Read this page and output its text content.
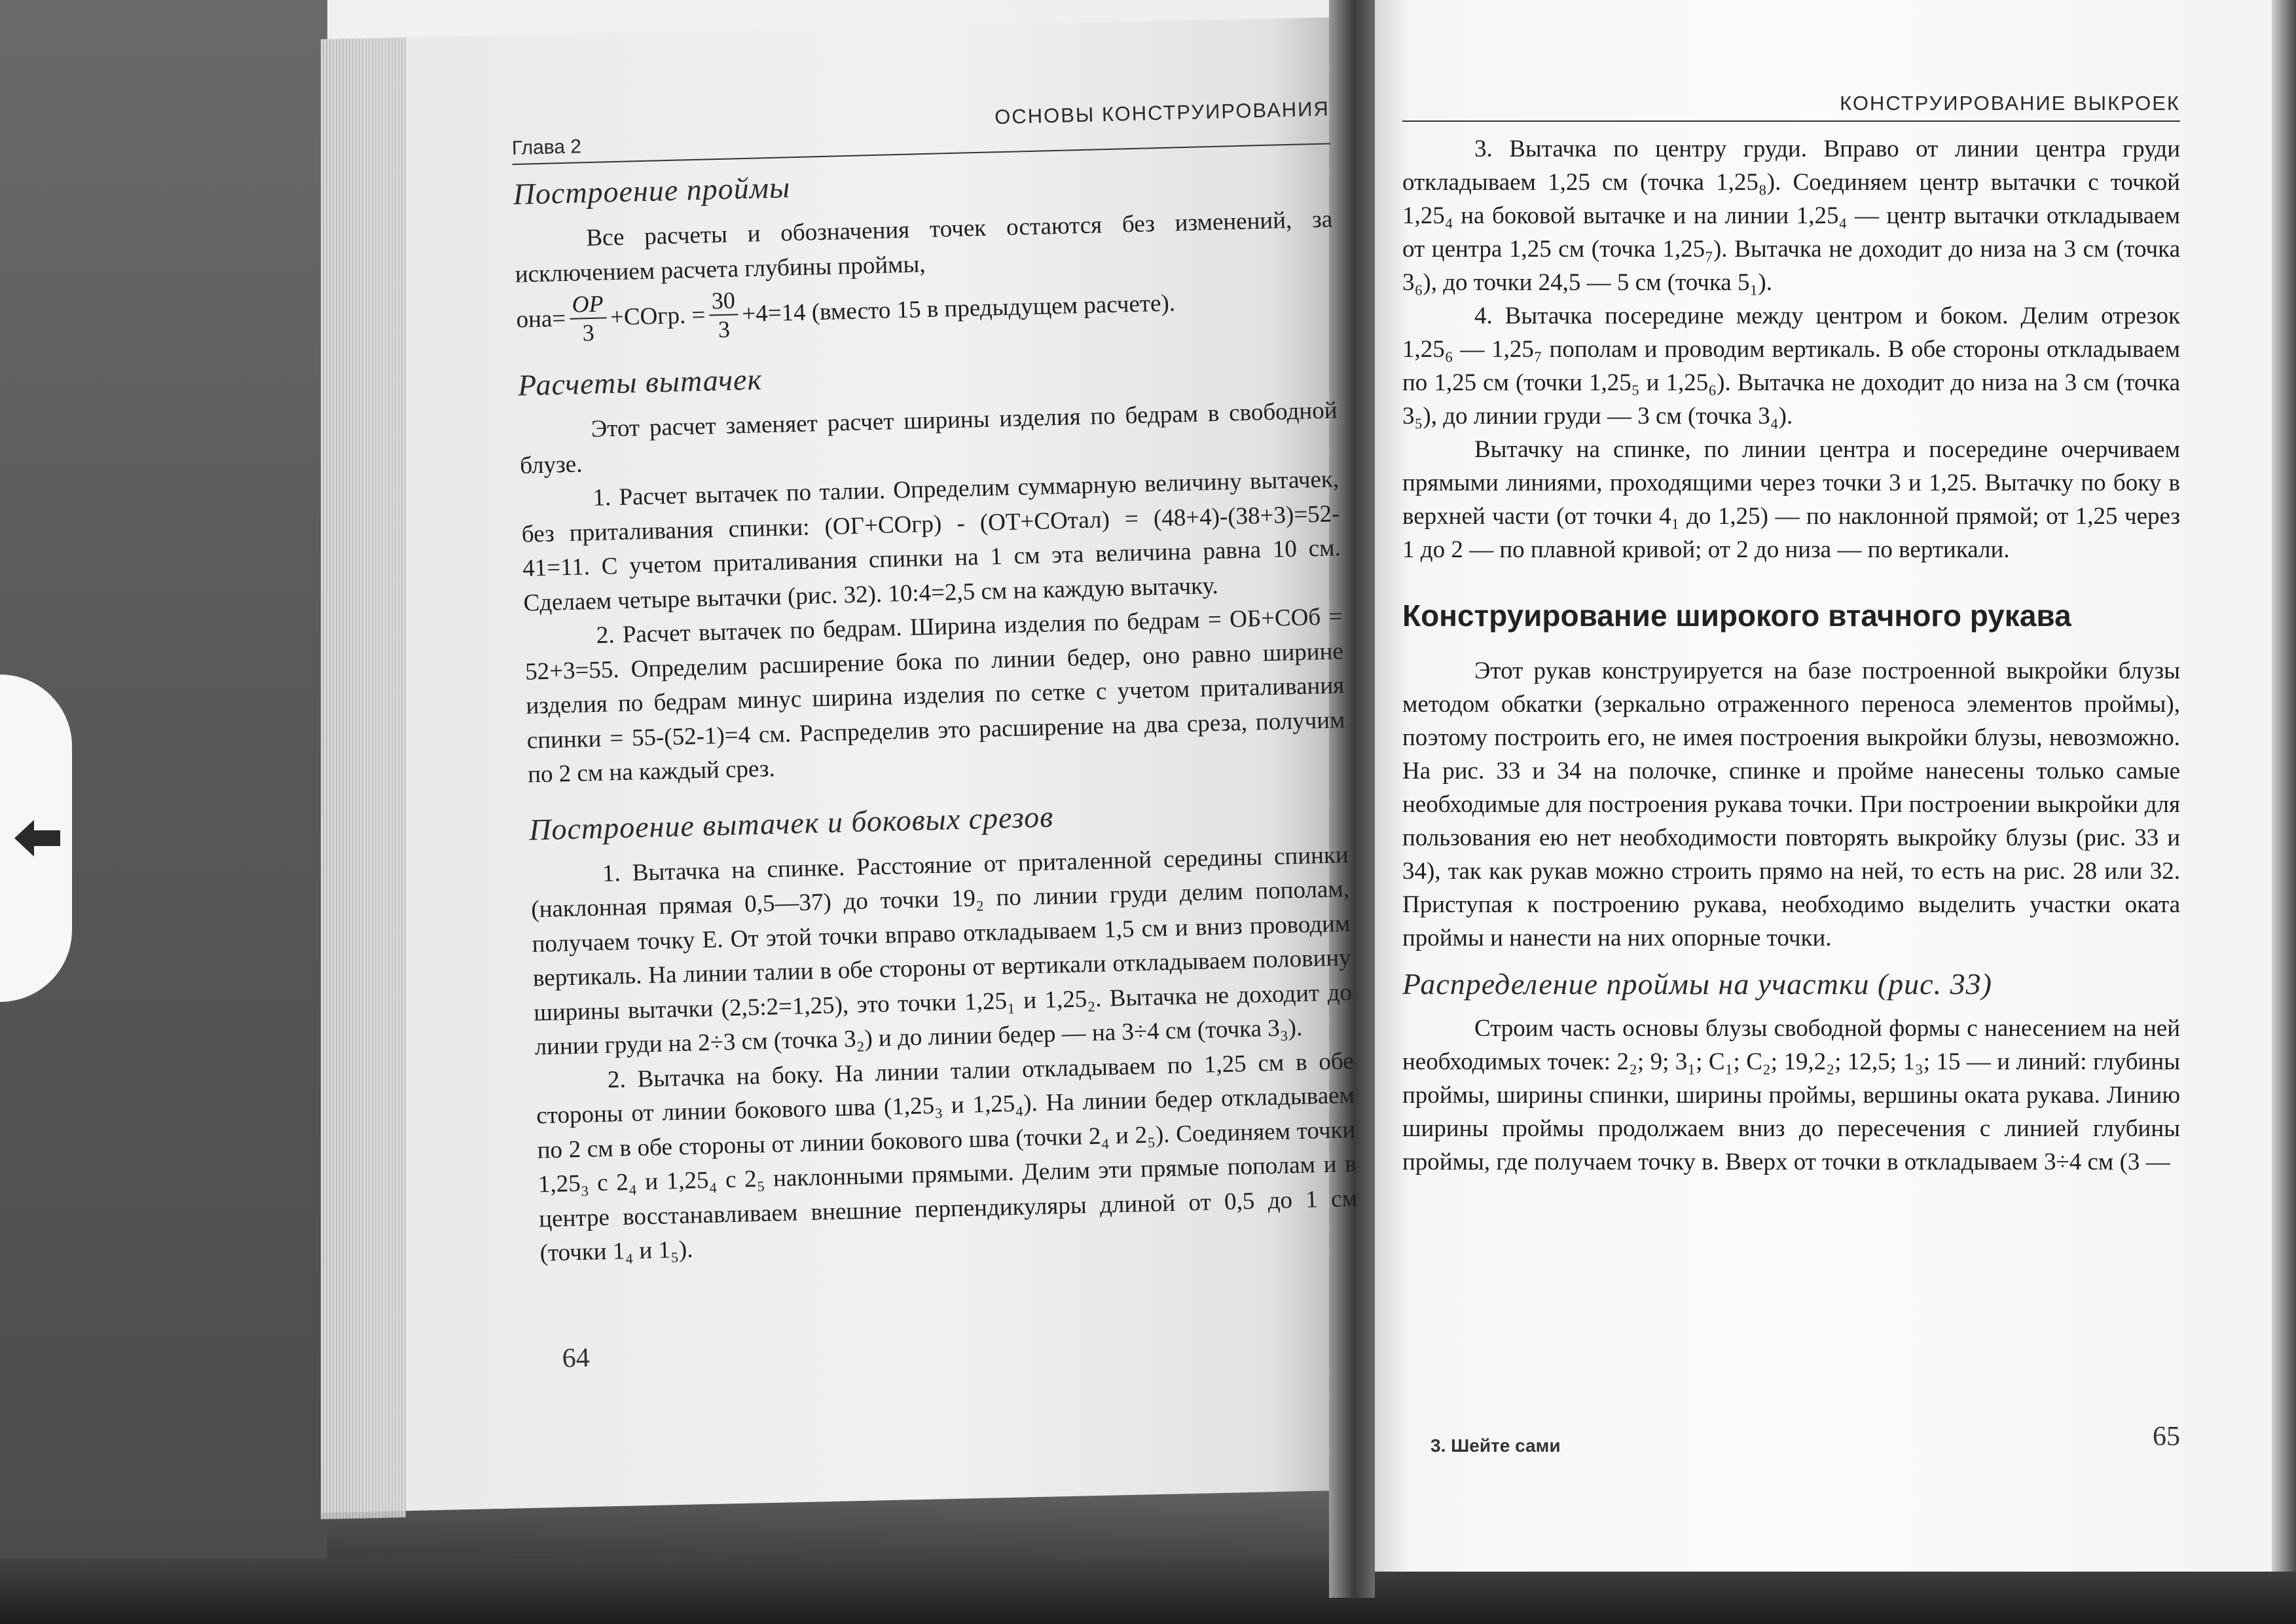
Глава 2
ОСНОВЫ КОНСТРУИРОВАНИЯ
Построение проймы

Все расчеты и обозначения точек остаются без изменений, за исключением расчета глубины проймы,

$она= \frac{OP}{3}$ +СОгр. = $\frac{30}{3} +4=14$ (вместо 15 в предыдущем расчете).
Расчеты вытачек

Этот расчет заменяет расчет ширины изделия по бедрам в свободной блузе.

1. Расчет вытачек по талии. Определим суммарную величину вытачек, без приталивания спинки: (ОГ+СОгр) - (ОТ+СОтал) = (48+4)-(38+3)=52-41=11. С учетом приталивания спинки на 1 см эта величина равна 10 см. Сделаем четыре вытачки (рис. 32). 10:4=2,5 см на каждую вытачку.

2. Расчет вытачек по бедрам. Ширина изделия по бедрам = ОБ+СОб = 52+3=55. Определим расширение бока по линии бедер, оно равно ширине изделия по бедрам минус ширина изделия по сетке с учетом приталивания спинки = 55-(52-1)=4 см. Распределив это расширение на два среза, получим по 2 см на каждый срез.

Построение вытачек и боковых срезов

1. Вытачка на спинке. Расстояние от приталенной середины спинки (наклонная прямая 0,5—37) до точки 19₂ по линии груди делим пополам, получаем точку Е. От этой точки вправо откладываем 1,5 см и вниз проводим вертикаль. На линии талии в обе стороны от вертикали откладываем половину ширины вытачки (2,5:2=1,25), это точки 1,25₁ и 1,25₂. Вытачка не доходит до линии груди на 2÷3 см (точка 3₂) и до линии бедер — на 3÷4 см (точка 3₃).

2. Вытачка на боку. На линии талии откладываем по 1,25 см в обе стороны от линии бокового шва (1,25₃ и 1,25₄). На линии бедер откладываем по 2 см в обе стороны от линии бокового шва (точки 2₄ и 2₅). Соединяем точки 1,25₃ с 2₄ и 1,25₄ с 2₅ наклонными прямыми. Делим эти прямые пополам и в центре восстанавливаем внешние перпендикуляры длиной от 0,5 до 1 см (точки 1₄ и 1₅).

64
КОНСТРУИРОВАНИЕ ВЫКРОЕК

3. Вытачка по центру груди. Вправо от линии центра груди откладываем 1,25 см (точка 1,25₈). Соединяем центр вытачки с точкой 1,25₄ на боковой вытачке и на линии 1,25₄ — центр вытачки откладываем от центра 1,25 см (точка 1,25₇). Вытачка не доходит до низа на 3 см (точка 3₆), до точки 24,5 — 5 см (точка 5₁).

4. Вытачка посередине между центром и боком. Делим отрезок 1,25₆ — 1,25₇ пополам и проводим вертикаль. В обе стороны откладываем по 1,25 см (точки 1,25₅ и 1,25₆). Вытачка не доходит до низа на 3 см (точка 3₅), до линии груди — 3 см (точка 3₄).

Вытачку на спинке, по линии центра и посередине очерчиваем прямыми линиями, проходящими через точки 3 и 1,25. Вытачку по боку в верхней части (от точки 4₁ до 1,25) — по наклонной прямой; от 1,25 через 1 до 2 — по плавной кривой; от 2 до низа — по вертикали.

Конструирование широкого втачного рукава

Этот рукав конструируется на базе построенной выкройки блузы методом обкатки (зеркально отраженного переноса элементов проймы), поэтому построить его, не имея построения выкройки блузы, невозможно. На рис. 33 и 34 на полочке, спинке и пройме нанесены только самые необходимые для построения рукава точки. При построении выкройки для пользования ею нет необходимости повторять выкройку блузы (рис. 33 и 34), так как рукав можно строить прямо на ней, то есть на рис. 28 или 32. Приступая к построению рукава, необходимо выделить участки оката проймы и нанести на них опорные точки.

Распределение проймы на участки (рис. 33)

Строим часть основы блузы свободной формы с нанесением на ней необходимых точек: 2₂; 9; 3₁; C₁; C₂; 19,2₂; 12,5; 1₃; 15 — и линий: глубины проймы, ширины спинки, ширины проймы, вершины оката рукава. Линию ширины проймы продолжаем вниз до пересечения с линией глубины проймы, где получаем точку в. Вверх от точки в откладываем 3÷4 см (3 —

3. Шейте сами	65
